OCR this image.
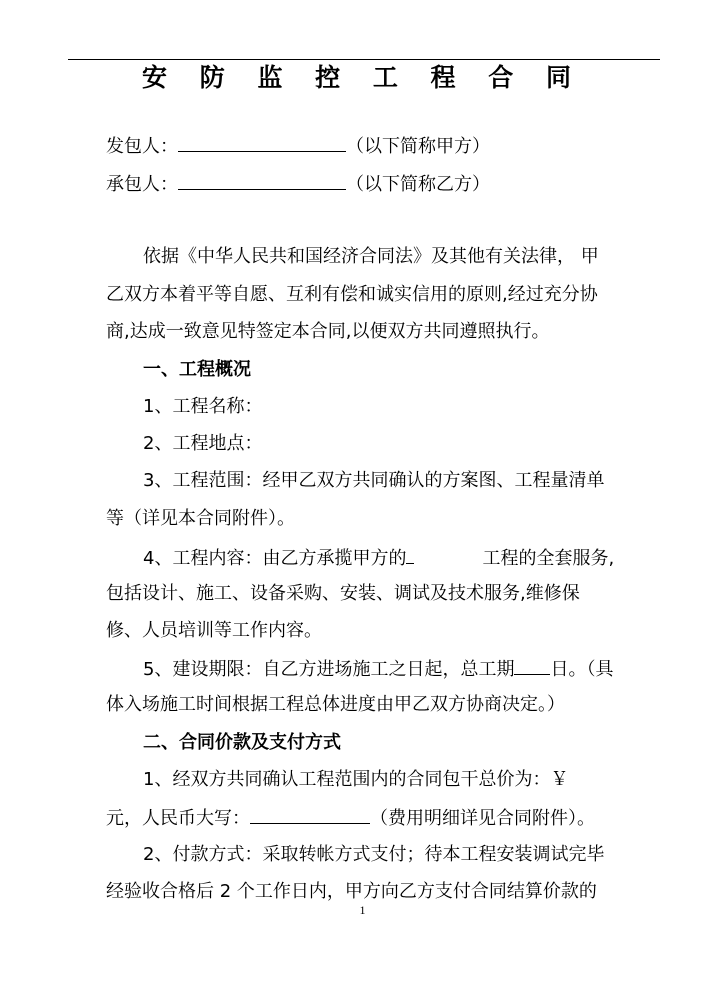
安 防 监 控 工 程 合 同
发包人：	（以下简称甲方）
承包人：	（以下简称乙方）
依据《中华人民共和国经济合同法》及其他有关法律， 甲
乙双方本着平等自愿、互利有偿和诚实信用的原则,经过充分协
商,达成一致意见特签定本合同,以便双方共同遵照执行。
一、工程概况
1、工程名称：
2、工程地点：
3、工程范围：经甲乙双方共同确认的方案图、工程量清单
等（详见本合同附件）。
4、工程内容：由乙方承揽甲方的	工程的全套服务,
包括设计、施工、设备采购、安装、调试及技术服务,维修保
修、人员培训等工作内容。
5、建设期限：自乙方进场施工之日起，总工期 日。（具
体入场施工时间根据工程总体进度由甲乙双方协商决定。）
二、合同价款及支付方式
1、经双方共同确认工程范围内的合同包干总价为：￥
元，人民币大写：	（费用明细详见合同附件）。
2、付款方式：采取转帐方式支付；待本工程安装调试完毕
经验收合格后 2 个工作日内，甲方向乙方支付合同结算价款的
1
